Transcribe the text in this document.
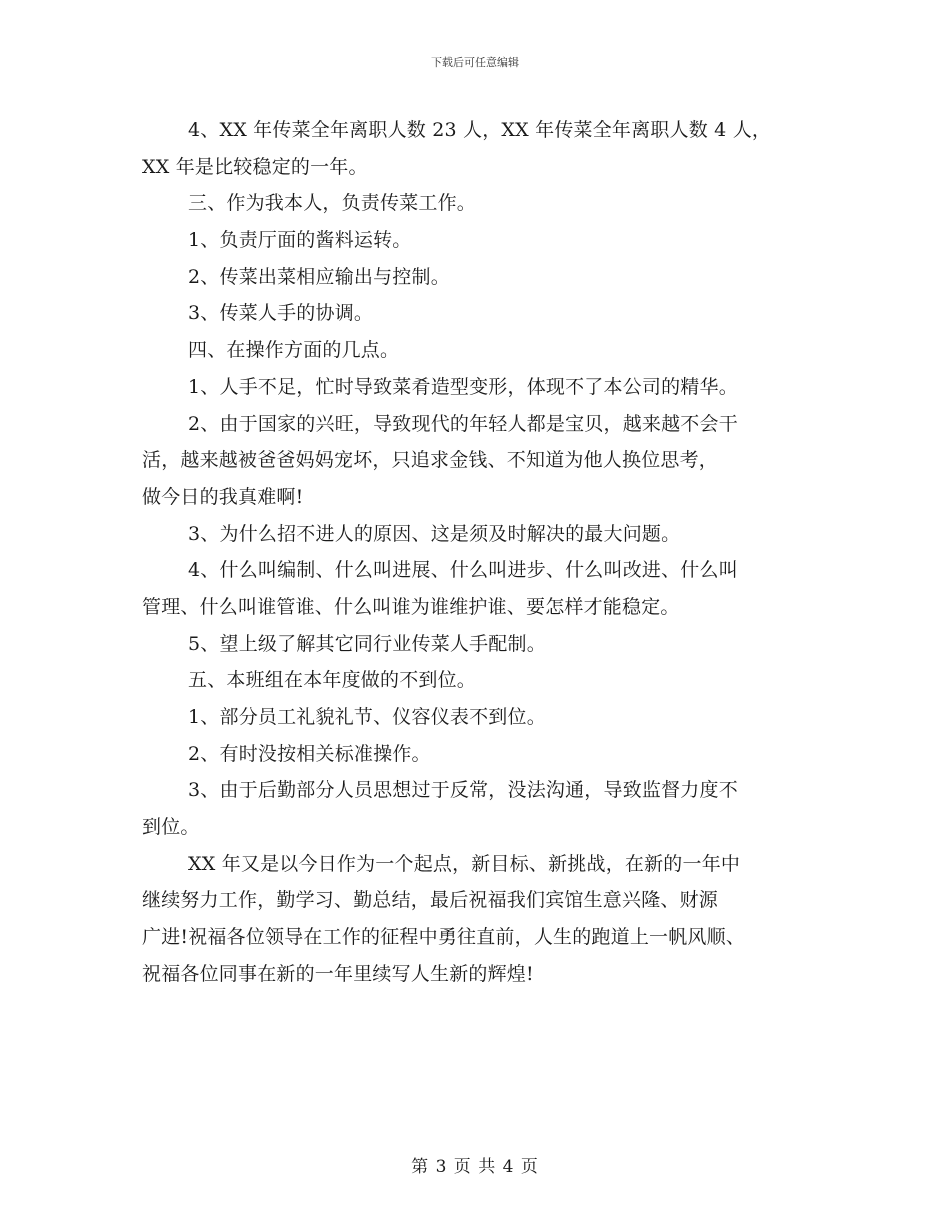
下载后可任意编辑
4、XX 年传菜全年离职人数 23 人，XX 年传菜全年离职人数 4 人，
XX 年是比较稳定的一年。
三、作为我本人，负责传菜工作。
1、负责厅面的酱料运转。
2、传菜出菜相应输出与控制。
3、传菜人手的协调。
四、在操作方面的几点。
1、人手不足，忙时导致菜肴造型变形，体现不了本公司的精华。
2、由于国家的兴旺，导致现代的年轻人都是宝贝，越来越不会干
活，越来越被爸爸妈妈宠坏，只追求金钱、不知道为他人换位思考，
做今日的我真难啊!
3、为什么招不进人的原因、这是须及时解决的最大问题。
4、什么叫编制、什么叫进展、什么叫进步、什么叫改进、什么叫
管理、什么叫谁管谁、什么叫谁为谁维护谁、要怎样才能稳定。
5、望上级了解其它同行业传菜人手配制。
五、本班组在本年度做的不到位。
1、部分员工礼貌礼节、仪容仪表不到位。
2、有时没按相关标准操作。
3、由于后勤部分人员思想过于反常，没法沟通，导致监督力度不
到位。
XX 年又是以今日作为一个起点，新目标、新挑战，在新的一年中
继续努力工作，勤学习、勤总结，最后祝福我们宾馆生意兴隆、财源
广进!祝福各位领导在工作的征程中勇往直前，人生的跑道上一帆风顺、
祝福各位同事在新的一年里续写人生新的辉煌!
第 3 页 共 4 页
